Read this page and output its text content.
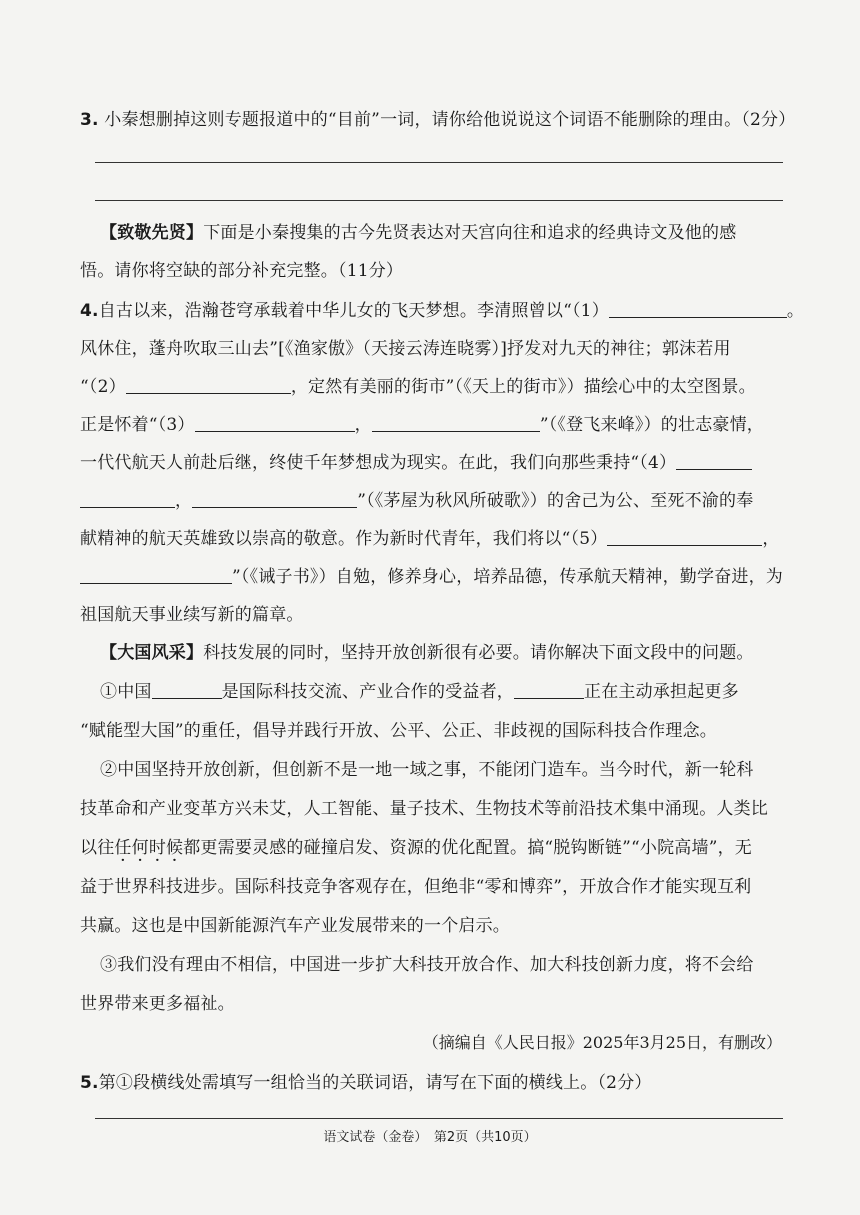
3. 小秦想删掉这则专题报道中的“目前”一词，请你给他说说这个词语不能删除的理由。（2分）
【致敬先贤】下面是小秦搜集的古今先贤表达对天宫向往和追求的经典诗文及他的感
悟。请你将空缺的部分补充完整。（11分）
4.自古以来，浩瀚苍穹承载着中华儿女的飞天梦想。李清照曾以“（1）	。
风休住，蓬舟吹取三山去”[《渔家傲》（天接云涛连晓雾）]抒发对九天的神往；郭沫若用
“（2）	，定然有美丽的街市”（《天上的街市》）描绘心中的太空图景。
正是怀着“（3）	，	”（《登飞来峰》）的壮志豪情，
一代代航天人前赴后继，终使千年梦想成为现实。在此，我们向那些秉持“（4）
，	”（《茅屋为秋风所破歌》）的舍己为公、至死不渝的奉
献精神的航天英雄致以崇高的敬意。作为新时代青年，我们将以“（5）	，
”（《诫子书》）自勉，修养身心，培养品德，传承航天精神，勤学奋进，为
祖国航天事业续写新的篇章。
【大国风采】科技发展的同时，坚持开放创新很有必要。请你解决下面文段中的问题。
①中国	是国际科技交流、产业合作的受益者，	正在主动承担起更多
“赋能型大国”的重任，倡导并践行开放、公平、公正、非歧视的国际科技合作理念。
②中国坚持开放创新，但创新不是一地一域之事，不能闭门造车。当今时代，新一轮科
技革命和产业变革方兴未艾，人工智能、量子技术、生物技术等前沿技术集中涌现。人类比
以往任何时候都更需要灵感的碰撞启发、资源的优化配置。搞“脱钩断链”“小院高墙”，无
益于世界科技进步。国际科技竞争客观存在，但绝非“零和博弈”，开放合作才能实现互利
共赢。这也是中国新能源汽车产业发展带来的一个启示。
③我们没有理由不相信，中国进一步扩大科技开放合作、加大科技创新力度，将不会给
世界带来更多福祉。
（摘编自《人民日报》2025年3月25日，有删改）
5.第①段横线处需填写一组恰当的关联词语，请写在下面的横线上。（2分）
语文试卷（金卷）　第2页（共10页）
